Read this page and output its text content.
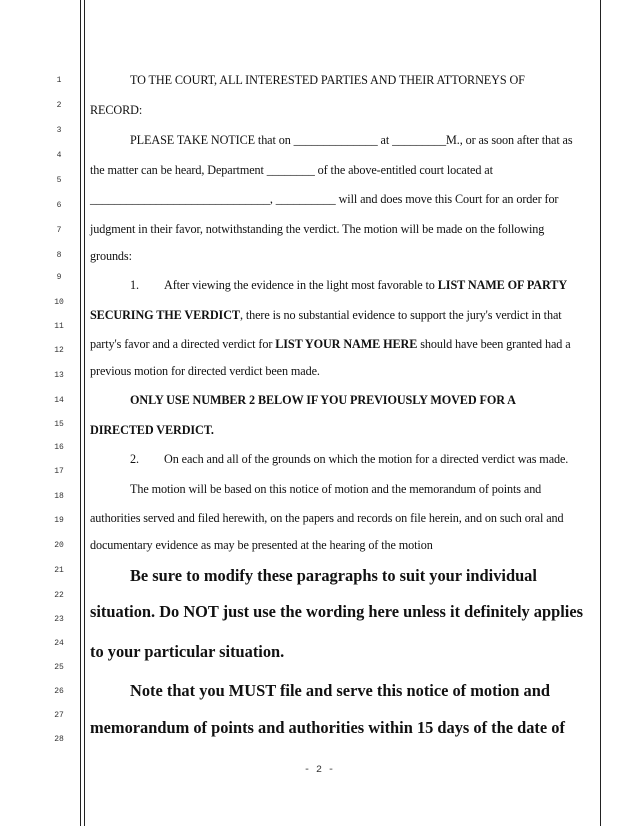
1
2
3
4
5
6
7
8
9
10
11
12
13
14
15
16
17
18
19
20
21
22
23
24
25
26
27
28
TO THE COURT, ALL INTERESTED PARTIES AND THEIR ATTORNEYS OF
RECORD:
PLEASE TAKE NOTICE that on ______________ at _________M., or as soon after that as
the matter can be heard, Department ________ of the above-entitled court located at
______________________________, __________ will and does move this Court for an order for
judgment in their favor, notwithstanding the verdict. The motion will be made on the following
grounds:
1. After viewing the evidence in the light most favorable to LIST NAME OF PARTY
SECURING THE VERDICT, there is no substantial evidence to support the jury's verdict in that
party's favor and a directed verdict for LIST YOUR NAME HERE should have been granted had a
previous motion for directed verdict been made.
ONLY USE NUMBER 2 BELOW IF YOU PREVIOUSLY MOVED FOR A
DIRECTED VERDICT.
2. On each and all of the grounds on which the motion for a directed verdict was made.
The motion will be based on this notice of motion and the memorandum of points and
authorities served and filed herewith, on the papers and records on file herein, and on such oral and
documentary evidence as may be presented at the hearing of the motion
Be sure to modify these paragraphs to suit your individual
situation. Do NOT just use the wording here unless it definitely applies
to your particular situation.
Note that you MUST file and serve this notice of motion and
memorandum of points and authorities within 15 days of the date of
- 2 -
